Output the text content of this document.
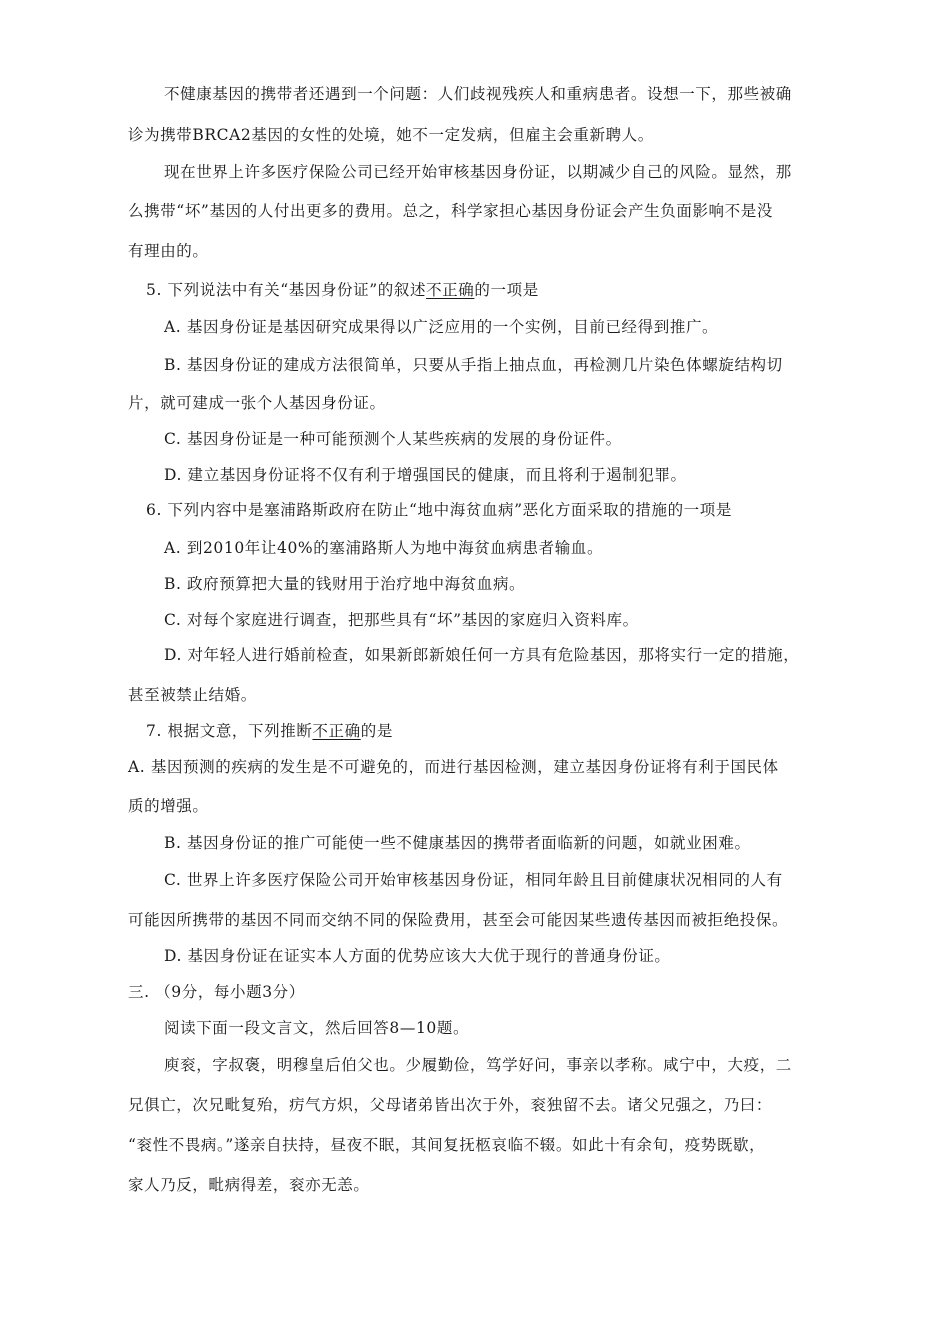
不健康基因的携带者还遇到一个问题：人们歧视残疾人和重病患者。设想一下，那些被确
诊为携带BRCA2基因的女性的处境，她不一定发病，但雇主会重新聘人。
现在世界上许多医疗保险公司已经开始审核基因身份证，以期减少自己的风险。显然，那
么携带“坏”基因的人付出更多的费用。总之，科学家担心基因身份证会产生负面影响不是没
有理由的。
5. 下列说法中有关“基因身份证”的叙述不正确的一项是
A. 基因身份证是基因研究成果得以广泛应用的一个实例，目前已经得到推广。
B. 基因身份证的建成方法很简单，只要从手指上抽点血，再检测几片染色体螺旋结构切
片，就可建成一张个人基因身份证。
C. 基因身份证是一种可能预测个人某些疾病的发展的身份证件。
D. 建立基因身份证将不仅有利于增强国民的健康，而且将利于遏制犯罪。
6. 下列内容中是塞浦路斯政府在防止“地中海贫血病”恶化方面采取的措施的一项是
A. 到2010年让40%的塞浦路斯人为地中海贫血病患者输血。
B. 政府预算把大量的钱财用于治疗地中海贫血病。
C. 对每个家庭进行调查，把那些具有“坏”基因的家庭归入资料库。
D. 对年轻人进行婚前检查，如果新郎新娘任何一方具有危险基因，那将实行一定的措施，
甚至被禁止结婚。
7. 根据文意，下列推断不正确的是
A. 基因预测的疾病的发生是不可避免的，而进行基因检测，建立基因身份证将有利于国民体
质的增强。
B. 基因身份证的推广可能使一些不健康基因的携带者面临新的问题，如就业困难。
C. 世界上许多医疗保险公司开始审核基因身份证，相同年龄且目前健康状况相同的人有
可能因所携带的基因不同而交纳不同的保险费用，甚至会可能因某些遗传基因而被拒绝投保。
D. 基因身份证在证实本人方面的优势应该大大优于现行的普通身份证。
三. （9分，每小题3分）
阅读下面一段文言文，然后回答8—10题。
庾衮，字叔褒，明穆皇后伯父也。少履勤俭，笃学好问，事亲以孝称。咸宁中，大疫，二
兄俱亡，次兄毗复殆，疠气方炽，父母诸弟皆出次于外，衮独留不去。诸父兄强之，乃曰：
“衮性不畏病。”遂亲自扶持，昼夜不眠，其间复抚柩哀临不辍。如此十有余旬，疫势既歇，
家人乃反，毗病得差，衮亦无恙。
